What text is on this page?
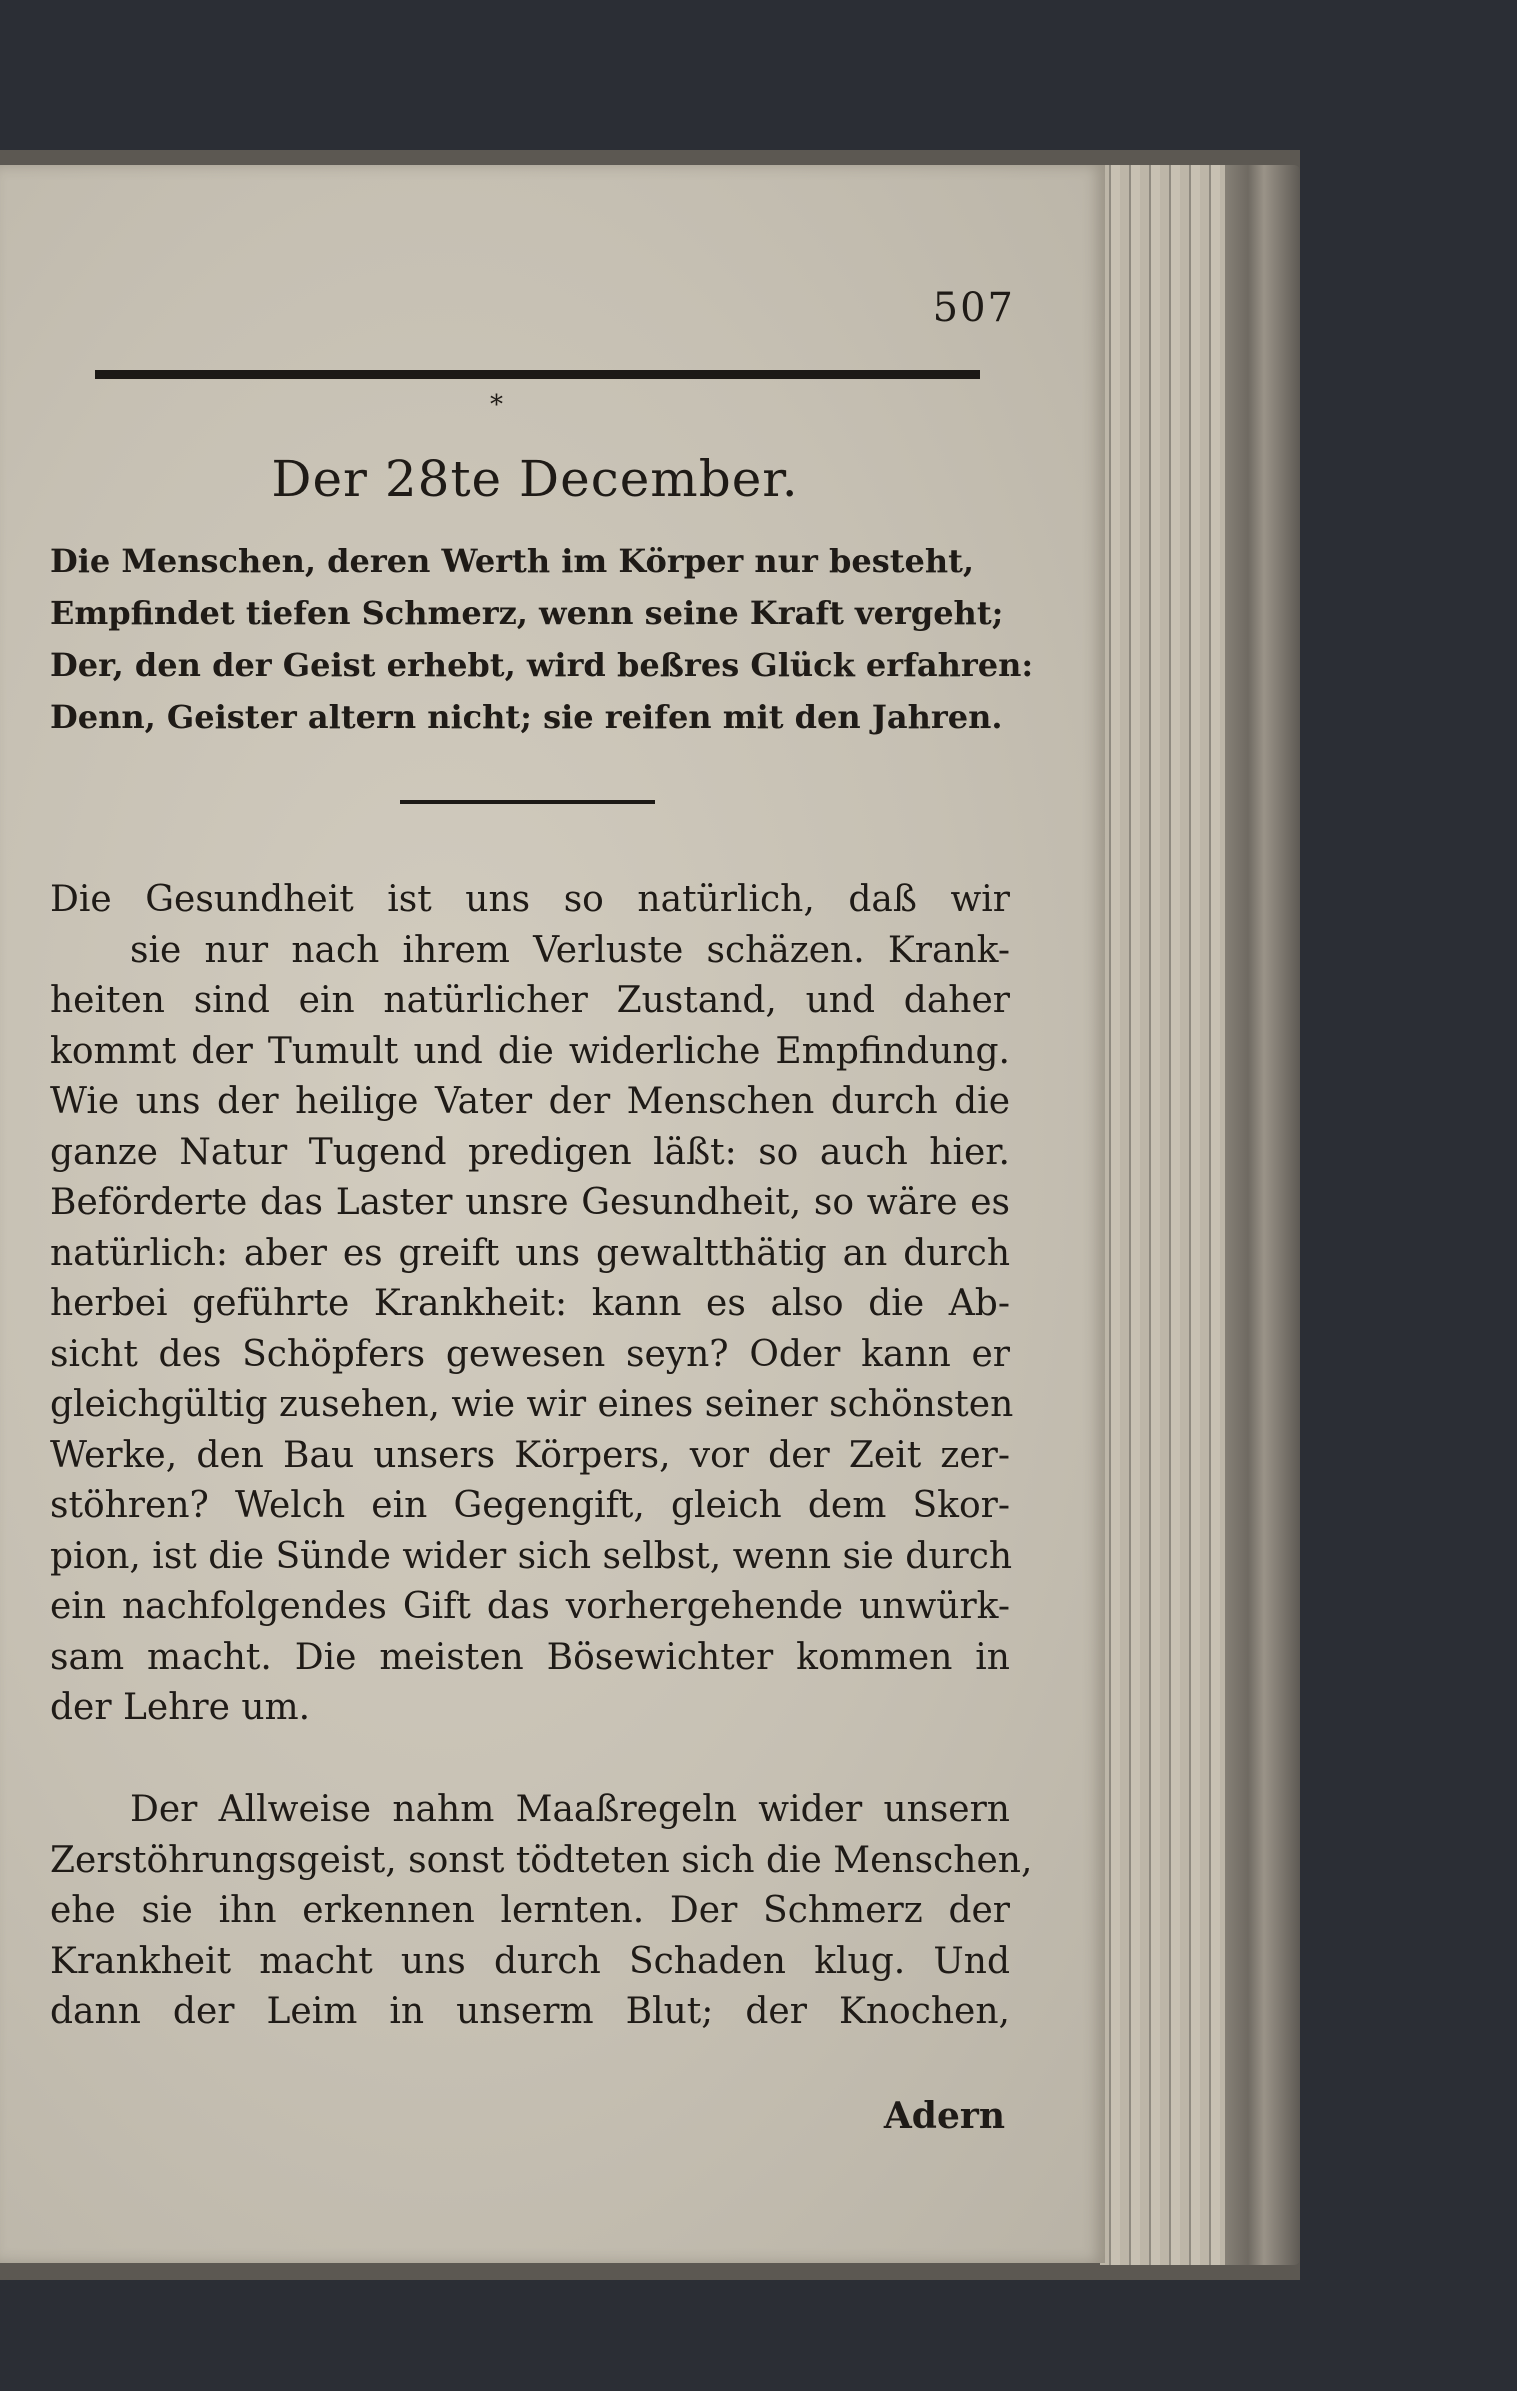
507
*
Der 28te December.
Die Menschen, deren Werth im Körper nur besteht,
Empfindet tiefen Schmerz, wenn seine Kraft vergeht;
Der, den der Geist erhebt, wird beßres Glück erfahren:
Denn, Geister altern nicht; sie reifen mit den Jahren.
Die Gesundheit ist uns so natürlich, daß wir
sie nur nach ihrem Verluste schäzen. Krank-
heiten sind ein natürlicher Zustand, und daher
kommt der Tumult und die widerliche Empfindung.
Wie uns der heilige Vater der Menschen durch die
ganze Natur Tugend predigen läßt: so auch hier.
Beförderte das Laster unsre Gesundheit, so wäre es
natürlich: aber es greift uns gewaltthätig an durch
herbei geführte Krankheit: kann es also die Ab-
sicht des Schöpfers gewesen seyn? Oder kann er
gleichgültig zusehen, wie wir eines seiner schönsten
Werke, den Bau unsers Körpers, vor der Zeit zer-
stöhren? Welch ein Gegengift, gleich dem Skor-
pion, ist die Sünde wider sich selbst, wenn sie durch
ein nachfolgendes Gift das vorhergehende unwürk-
sam macht. Die meisten Bösewichter kommen in
der Lehre um.
Der Allweise nahm Maaßregeln wider unsern
Zerstöhrungsgeist, sonst tödteten sich die Menschen,
ehe sie ihn erkennen lernten. Der Schmerz der
Krankheit macht uns durch Schaden klug. Und
dann der Leim in unserm Blut; der Knochen,
Adern
